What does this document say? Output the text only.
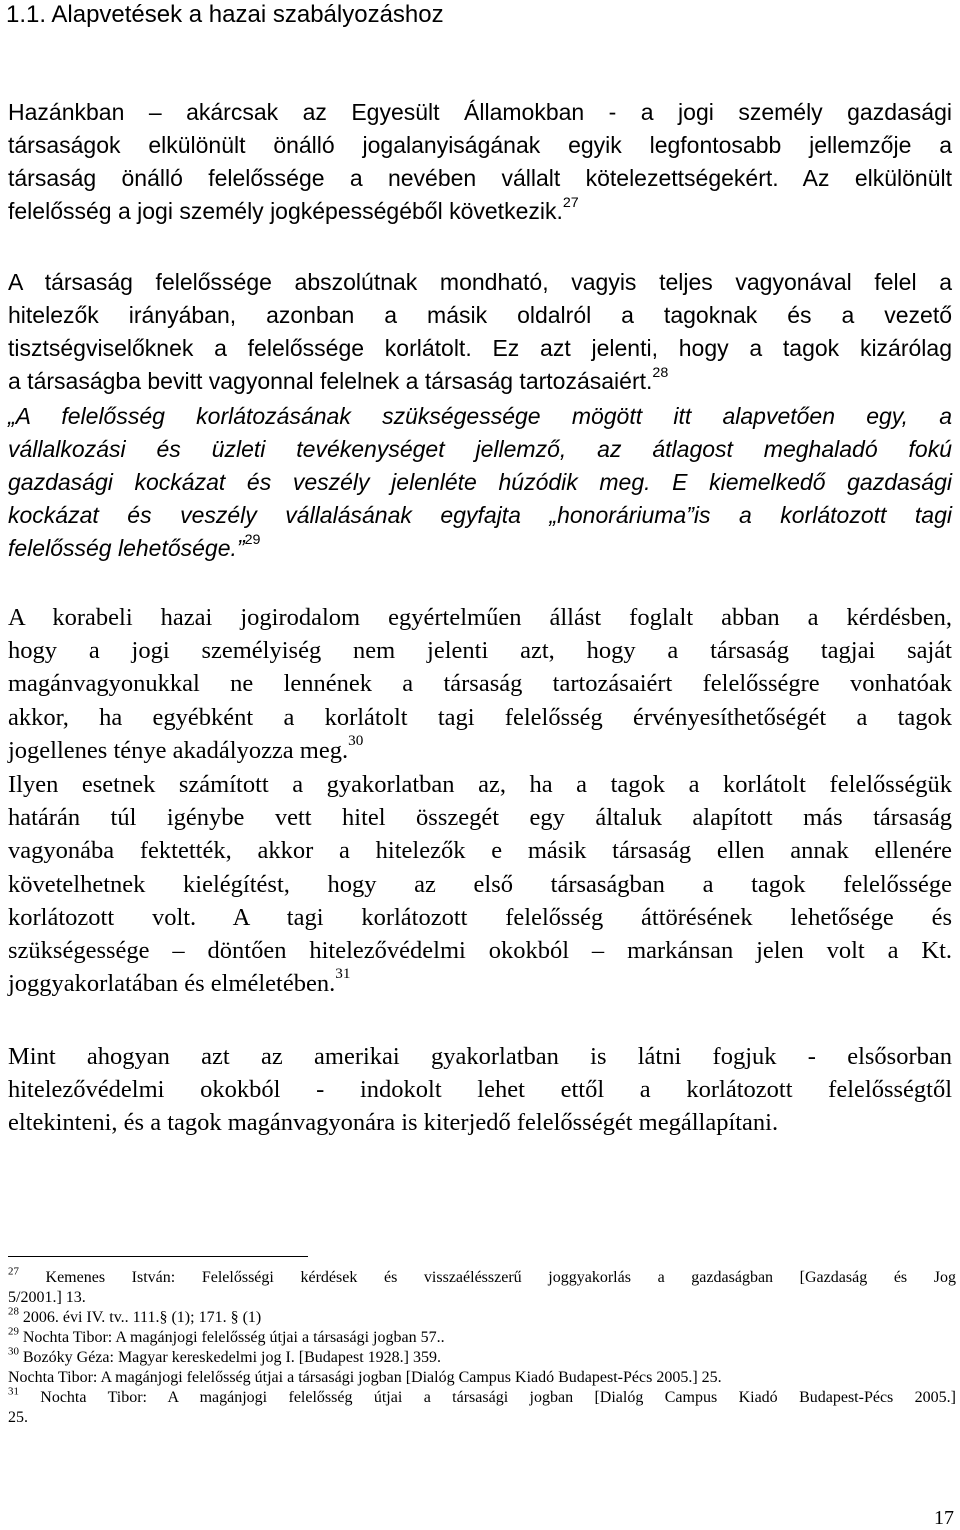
1.1. Alapvetések a hazai szabályozáshoz

Hazánkban – akárcsak az Egyesült Államokban - a jogi személy gazdasági
társaságok elkülönült önálló jogalanyiságának egyik legfontosabb jellemzője a
társaság önálló felelőssége a nevében vállalt kötelezettségekért. Az elkülönült
felelősség a jogi személy jogképességéből következik.$^{27}$

A társaság felelőssége abszolútnak mondható, vagyis teljes vagyonával felel a
hitelezők irányában, azonban a másik oldalról a tagoknak és a vezető
tisztségviselőknek a felelőssége korlátolt. Ez azt jelenti, hogy a tagok kizárólag
a társaságba bevitt vagyonnal felelnek a társaság tartozásaiért.$^{28}$

„A felelősség korlátozásának szükségessége mögött itt alapvetően egy, a
vállalkozási és üzleti tevékenységet jellemző, az átlagost meghaladó fokú
gazdasági kockázat és veszély jelenléte húzódik meg. E kiemelkedő gazdasági
kockázat és veszély vállalásának egyfajta „honoráriuma”is a korlátozott tagi
felelősség lehetősége.”$^{29}$

A korabeli hazai jogirodalom egyértelműen állást foglalt abban a kérdésben,
hogy a jogi személyiség nem jelenti azt, hogy a társaság tagjai saját
magánvagyonukkal ne lennének a társaság tartozásaiért felelősségre vonhatóak
akkor, ha egyébként a korlátolt tagi felelősség érvényesíthetőségét a tagok
jogellenes ténye akadályozza meg.$^{30}$

Ilyen esetnek számított a gyakorlatban az, ha a tagok a korlátolt felelősségük
határán túl igénybe vett hitel összegét egy általuk alapított más társaság
vagyonába fektették, akkor a hitelezők e másik társaság ellen annak ellenére
követelhetnek kielégítést, hogy az első társaságban a tagok felelőssége
korlátozott volt. A tagi korlátozott felelősség áttörésének lehetősége és
szükségessége – döntően hitelezővédelmi okokból – markánsan jelen volt a Kt.
joggyakorlatában és elméletében.$^{31}$

Mint ahogyan azt az amerikai gyakorlatban is látni fogjuk - elsősorban
hitelezővédelmi okokból - indokolt lehet ettől a korlátozott felelősségtől
eltekinteni, és a tagok magánvagyonára is kiterjedő felelősségét megállapítani.

$^{27}$ Kemenes István: Felelősségi kérdések és visszaélésszerű joggyakorlás a gazdaságban [Gazdaság és Jog
5/2001.] 13.
$^{28}$ 2006. évi IV. tv.. 111.§ (1); 171. § (1)
$^{29}$ Nochta Tibor: A magánjogi felelősség útjai a társasági jogban 57..
$^{30}$ Bozóky Géza: Magyar kereskedelmi jog I. [Budapest 1928.] 359.
Nochta Tibor: A magánjogi felelősség útjai a társasági jogban [Dialóg Campus Kiadó Budapest-Pécs 2005.] 25.
$^{31}$ Nochta Tibor: A magánjogi felelősség útjai a társasági jogban [Dialóg Campus Kiadó Budapest-Pécs 2005.]
25.
17
